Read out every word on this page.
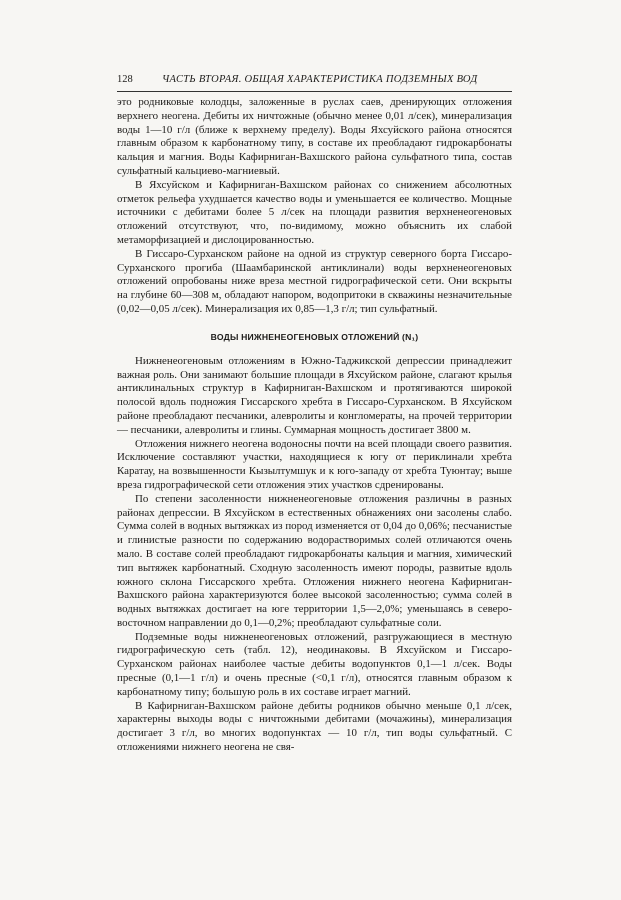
128	ЧАСТЬ ВТОРАЯ. ОБЩАЯ ХАРАКТЕРИСТИКА ПОДЗЕМНЫХ ВОД

это родниковые колодцы, заложенные в руслах саев, дренирующих отложения верхнего неогена. Дебиты их ничтожные (обычно менее 0,01 л/сек), минерализация воды 1—10 г/л (ближе к верхнему пределу). Воды Яхсуйского района относятся главным образом к карбонатному типу, в составе их преобладают гидрокарбонаты кальция и магния. Воды Кафирниган-Вахшского района сульфатного типа, состав сульфатный кальциево-магниевый.

В Яхсуйском и Кафирниган-Вахшском районах со снижением абсолютных отметок рельефа ухудшается качество воды и уменьшается ее количество. Мощные источники с дебитами более 5 л/сек на площади развития верхненеогеновых отложений отсутствуют, что, по-видимому, можно объяснить их слабой метаморфизацией и дислоцированностью.

В Гиссаро-Сурханском районе на одной из структур северного борта Гиссаро-Сурханского прогиба (Шаамбаринской антиклинали) воды верхненеогеновых отложений опробованы ниже вреза местной гидрографической сети. Они вскрыты на глубине 60—308 м, обладают напором, водопритоки в скважины незначительные (0,02—0,05 л/сек). Минерализация их 0,85—1,3 г/л; тип сульфатный.

ВОДЫ НИЖНЕНЕОГЕНОВЫХ ОТЛОЖЕНИЙ (N₁)

Нижненеогеновым отложениям в Южно-Таджикской депрессии принадлежит важная роль. Они занимают большие площади в Яхсуйском районе, слагают крылья антиклинальных структур в Кафирниган-Вахшском и протягиваются широкой полосой вдоль подножия Гиссарского хребта в Гиссаро-Сурханском. В Яхсуйском районе преобладают песчаники, алевролиты и конгломераты, на прочей территории — песчаники, алевролиты и глины. Суммарная мощность достигает 3800 м.

Отложения нижнего неогена водоносны почти на всей площади своего развития. Исключение составляют участки, находящиеся к югу от периклинали хребта Каратау, на возвышенности Кызылтумшук и к юго-западу от хребта Туюнтау; выше вреза гидрографической сети отложения этих участков сдренированы.

По степени засоленности нижненеогеновые отложения различны в разных районах депрессии. В Яхсуйском в естественных обнажениях они засолены слабо. Сумма солей в водных вытяжках из пород изменяется от 0,04 до 0,06%; песчанистые и глинистые разности по содержанию водорастворимых солей отличаются очень мало. В составе солей преобладают гидрокарбонаты кальция и магния, химический тип вытяжек карбонатный. Сходную засоленность имеют породы, развитые вдоль южного склона Гиссарского хребта. Отложения нижнего неогена Кафирниган-Вахшского района характеризуются более высокой засоленностью; сумма солей в водных вытяжках достигает на юге территории 1,5—2,0%; уменьшаясь в северо-восточном направлении до 0,1—0,2%; преобладают сульфатные соли.

Подземные воды нижненеогеновых отложений, разгружающиеся в местную гидрографическую сеть (табл. 12), неодинаковы. В Яхсуйском и Гиссаро-Сурханском районах наиболее частые дебиты водопунктов 0,1—1 л/сек. Воды пресные (0,1—1 г/л) и очень пресные (<0,1 г/л), относятся главным образом к карбонатному типу; большую роль в их составе играет магний.

В Кафирниган-Вахшском районе дебиты родников обычно меньше 0,1 л/сек, характерны выходы воды с ничтожными дебитами (мочажины), минерализация достигает 3 г/л, во многих водопунктах — 10 г/л, тип воды сульфатный. С отложениями нижнего неогена не свя-
